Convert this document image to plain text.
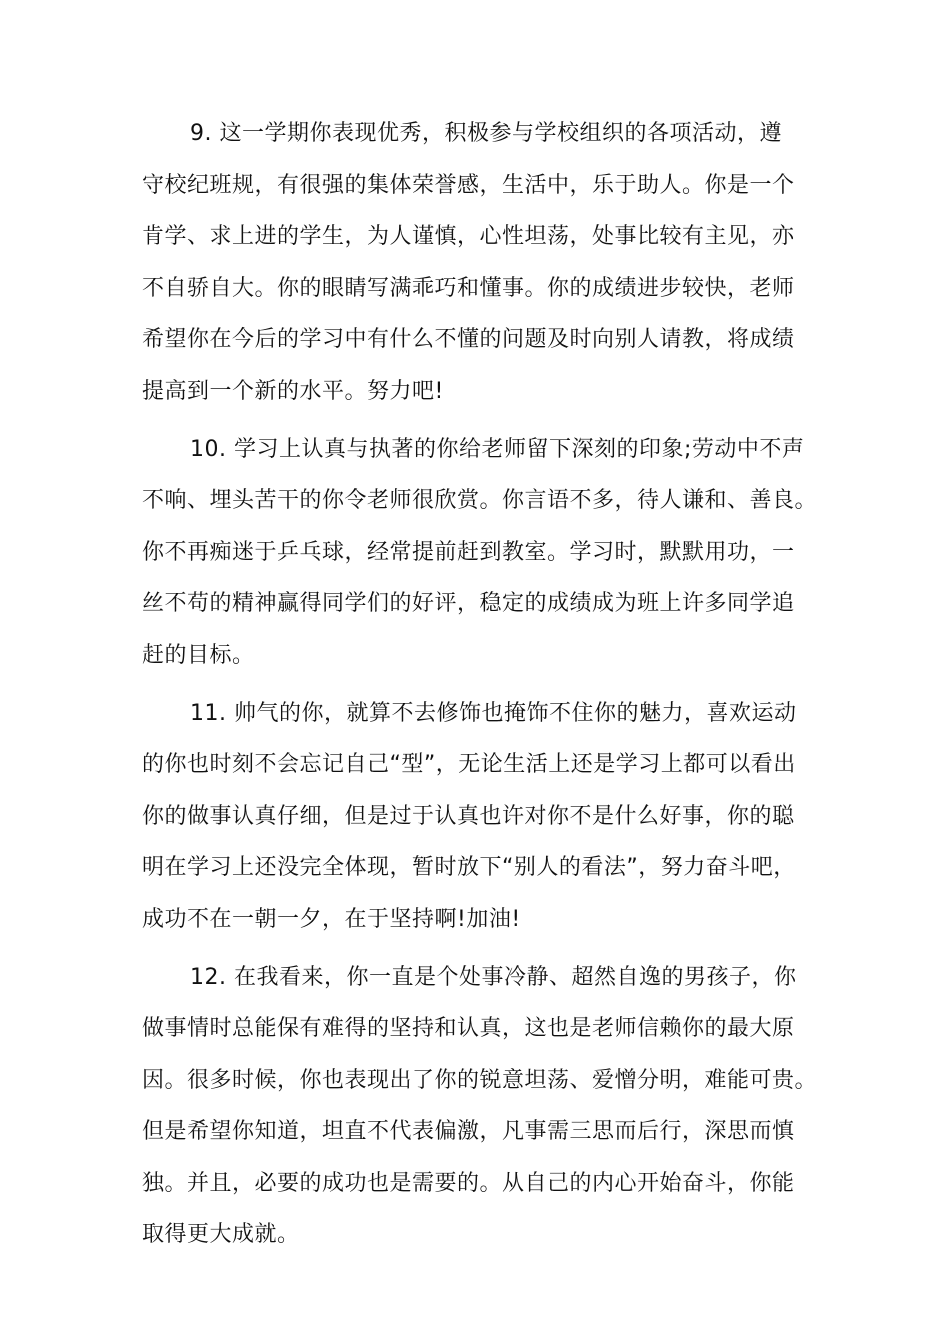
9. 这一学期你表现优秀，积极参与学校组织的各项活动，遵
守校纪班规，有很强的集体荣誉感，生活中，乐于助人。你是一个
肯学、求上进的学生，为人谨慎，心性坦荡，处事比较有主见，亦
不自骄自大。你的眼睛写满乖巧和懂事。你的成绩进步较快，老师
希望你在今后的学习中有什么不懂的问题及时向别人请教，将成绩
提高到一个新的水平。努力吧!
10. 学习上认真与执著的你给老师留下深刻的印象;劳动中不声
不响、埋头苦干的你令老师很欣赏。你言语不多，待人谦和、善良。
你不再痴迷于乒乓球，经常提前赶到教室。学习时，默默用功，一
丝不苟的精神赢得同学们的好评，稳定的成绩成为班上许多同学追
赶的目标。
11. 帅气的你，就算不去修饰也掩饰不住你的魅力，喜欢运动
的你也时刻不会忘记自己“型”，无论生活上还是学习上都可以看出
你的做事认真仔细，但是过于认真也许对你不是什么好事，你的聪
明在学习上还没完全体现，暂时放下“别人的看法”，努力奋斗吧，
成功不在一朝一夕，在于坚持啊!加油!
12. 在我看来，你一直是个处事冷静、超然自逸的男孩子，你
做事情时总能保有难得的坚持和认真，这也是老师信赖你的最大原
因。很多时候，你也表现出了你的锐意坦荡、爱憎分明，难能可贵。
但是希望你知道，坦直不代表偏激，凡事需三思而后行，深思而慎
独。并且，必要的成功也是需要的。从自己的内心开始奋斗，你能
取得更大成就。
